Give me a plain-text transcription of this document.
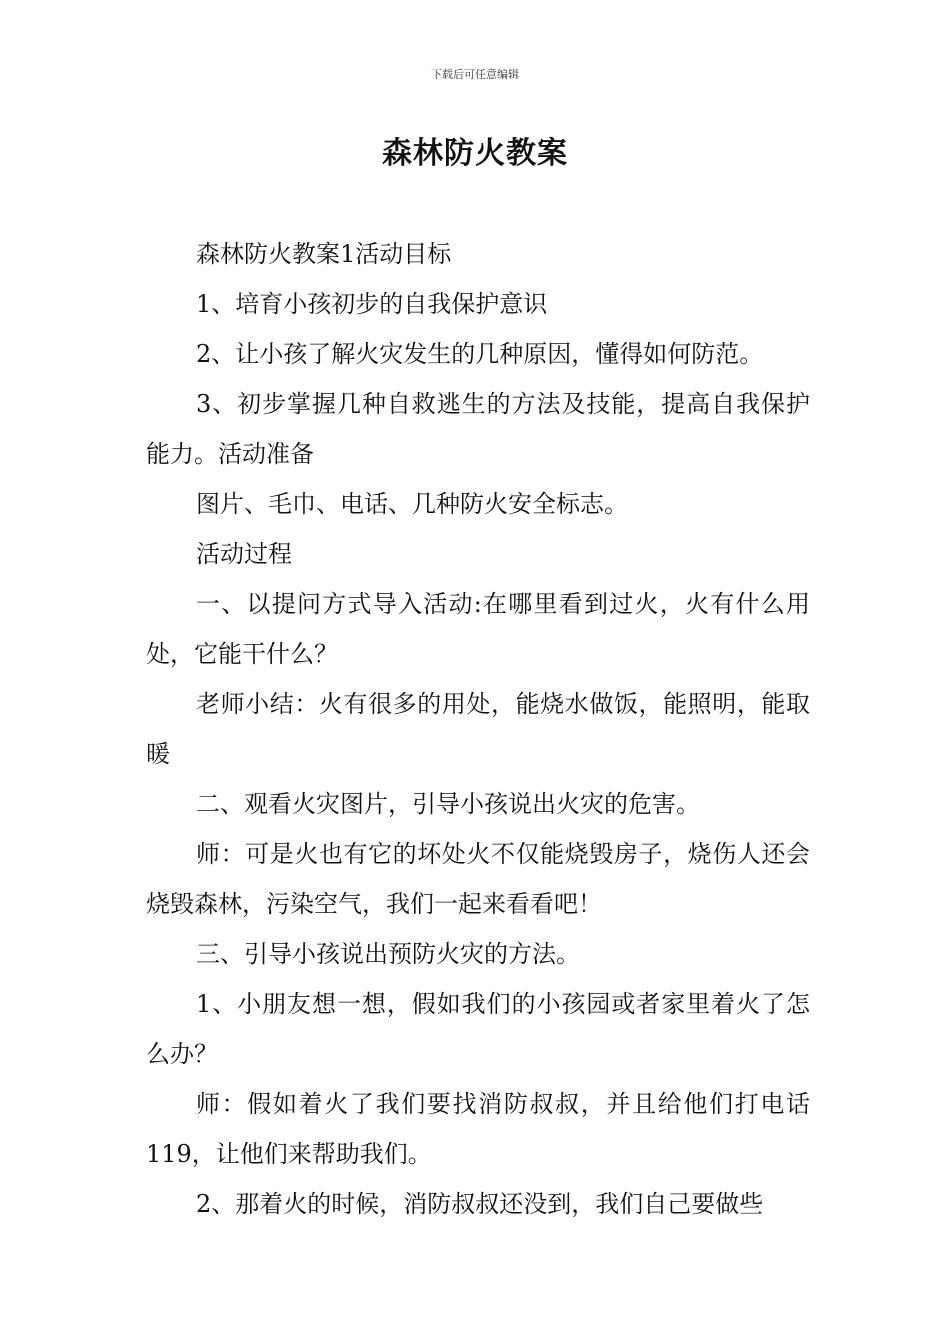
下载后可任意编辑
森林防火教案

森林防火教案1活动目标

1、培育小孩初步的自我保护意识

2、让小孩了解火灾发生的几种原因，懂得如何防范。

3、初步掌握几种自救逃生的方法及技能，提高自我保护能力。活动准备

图片、毛巾、电话、几种防火安全标志。

活动过程

一、以提问方式导入活动:在哪里看到过火，火有什么用处，它能干什么？

老师小结：火有很多的用处，能烧水做饭，能照明，能取暖

二、观看火灾图片，引导小孩说出火灾的危害。

师：可是火也有它的坏处火不仅能烧毁房子，烧伤人还会烧毁森林，污染空气，我们一起来看看吧！

三、引导小孩说出预防火灾的方法。

1、小朋友想一想，假如我们的小孩园或者家里着火了怎么办？

师：假如着火了我们要找消防叔叔，并且给他们打电话119，让他们来帮助我们。

2、那着火的时候，消防叔叔还没到，我们自己要做些
